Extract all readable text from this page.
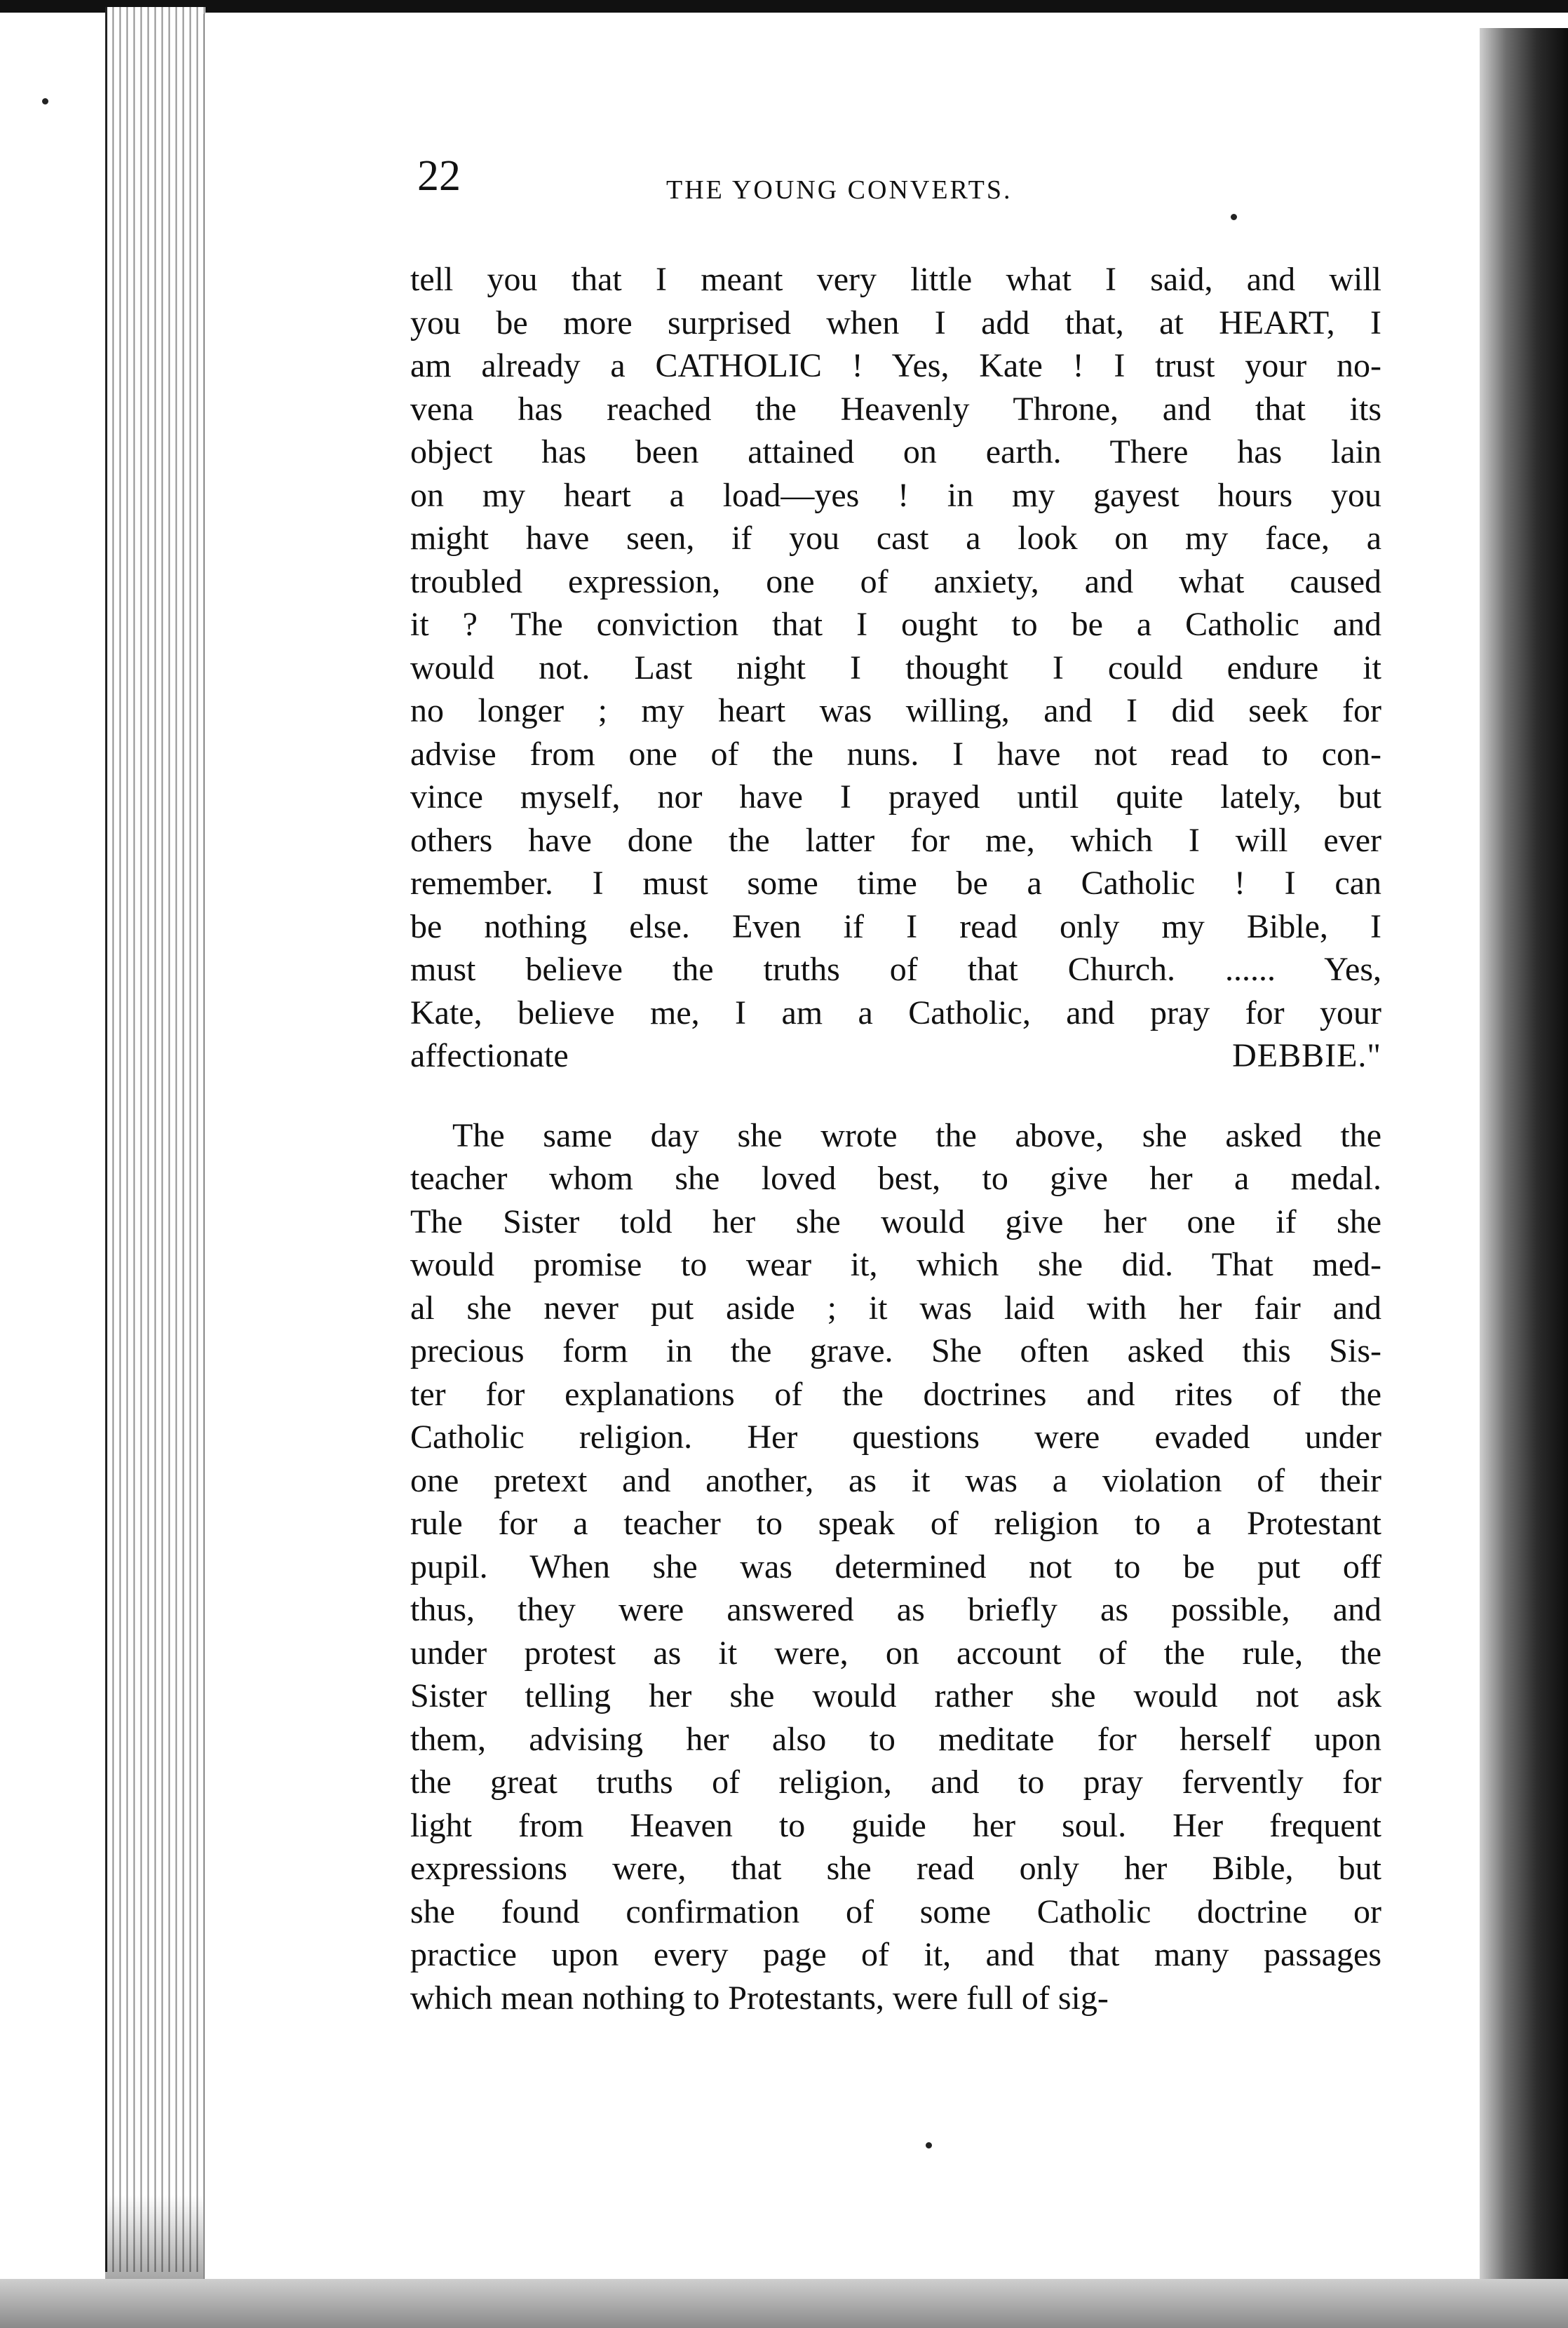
22	THE YOUNG CONVERTS.
tell you that I meant very little what I said, and will
you be more surprised when I add that, at HEART, I
am already a CATHOLIC ! Yes, Kate ! I trust your no-
vena has reached the Heavenly Throne, and that its
object has been attained on earth. There has lain
on my heart a load—yes ! in my gayest hours you
might have seen, if you cast a look on my face, a
troubled expression, one of anxiety, and what caused
it ? The conviction that I ought to be a Catholic and
would not. Last night I thought I could endure it
no longer ; my heart was willing, and I did seek for
advise from one of the nuns. I have not read to con-
vince myself, nor have I prayed until quite lately, but
others have done the latter for me, which I will ever
remember. I must some time be a Catholic ! I can
be nothing else. Even if I read only my Bible, I
must believe the truths of that Church. ...... Yes,
Kate, believe me, I am a Catholic, and pray for your
affectionate	DEBBIE."
The same day she wrote the above, she asked the
teacher whom she loved best, to give her a medal.
The Sister told her she would give her one if she
would promise to wear it, which she did. That med-
al she never put aside ; it was laid with her fair and
precious form in the grave. She often asked this Sis-
ter for explanations of the doctrines and rites of the
Catholic religion. Her questions were evaded under
one pretext and another, as it was a violation of their
rule for a teacher to speak of religion to a Protestant
pupil. When she was determined not to be put off
thus, they were answered as briefly as possible, and
under protest as it were, on account of the rule, the
Sister telling her she would rather she would not ask
them, advising her also to meditate for herself upon
the great truths of religion, and to pray fervently for
light from Heaven to guide her soul. Her frequent
expressions were, that she read only her Bible, but
she found confirmation of some Catholic doctrine or
practice upon every page of it, and that many passages
which mean nothing to Protestants, were full of sig-
